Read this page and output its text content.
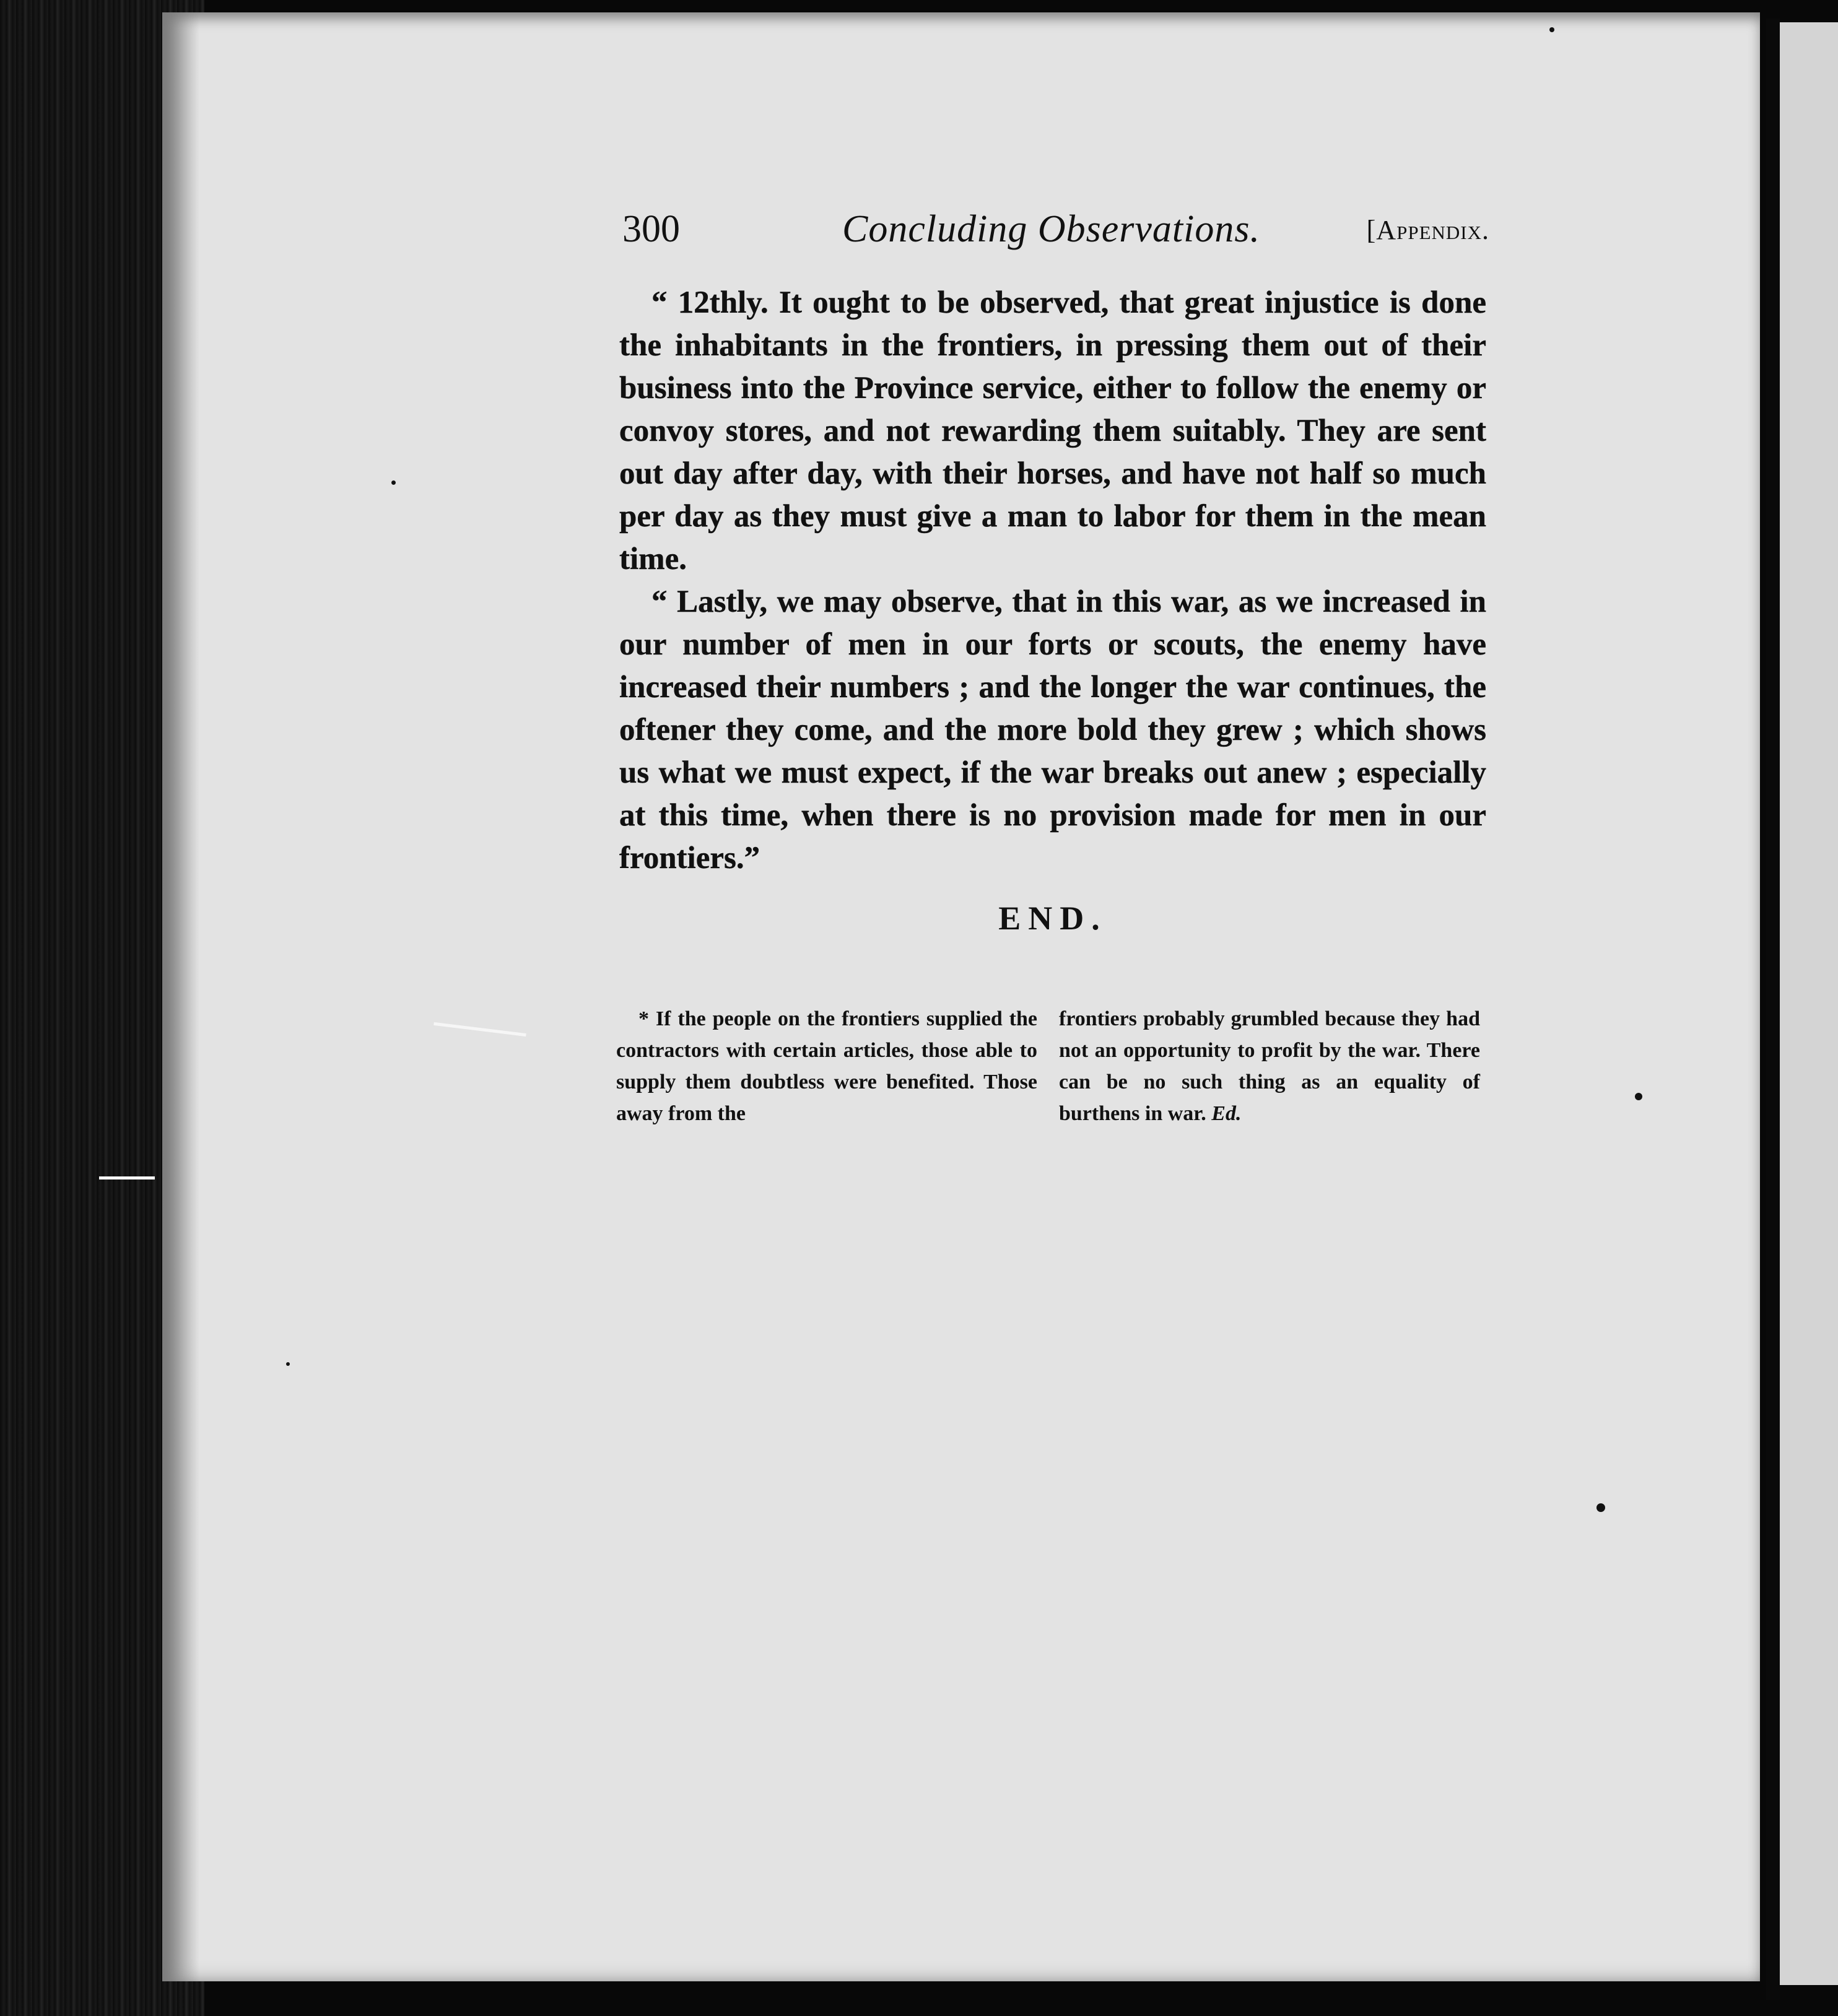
300	Concluding Observations.	[Appendix.

“ 12thly. It ought to be observed, that great injustice is done the inhabitants in the frontiers, in pressing them out of their business into the Province service, either to follow the enemy or convoy stores, and not rewarding them suitably. They are sent out day after day, with their horses, and have not half so much per day as they must give a man to labor for them in the mean time.

“ Lastly, we may observe, that in this war, as we increased in our number of men in our forts or scouts, the enemy have increased their numbers ; and the longer the war continues, the oftener they come, and the more bold they grew ; which shows us what we must expect, if the war breaks out anew ; especially at this time, when there is no provision made for men in our frontiers.”

END.
* If the people on the frontiers supplied the contractors with certain articles, those able to supply them doubtless were benefited. Those away from the
frontiers probably grumbled because they had not an opportunity to profit by the war. There can be no such thing as an equality of burthens in war. Ed.
